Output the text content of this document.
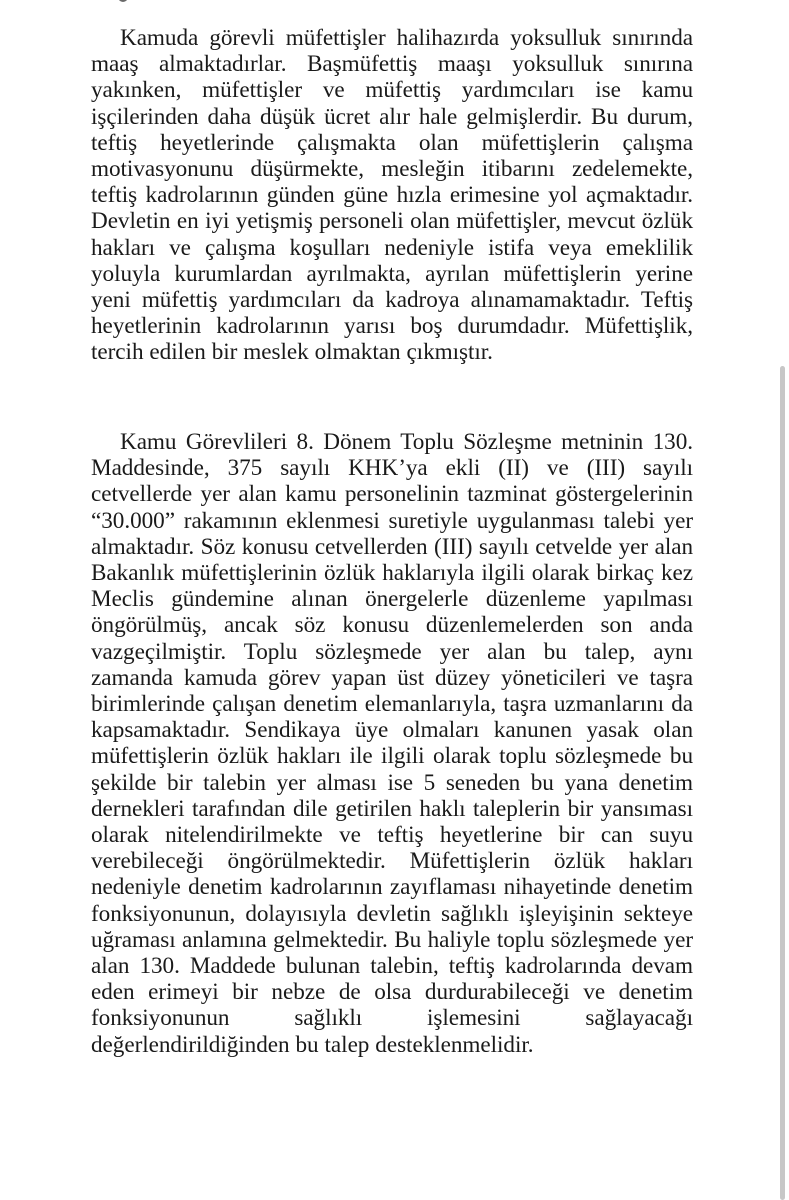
Kamuda görevli müfettişler halihazırda yoksulluk sınırında maaş almaktadırlar. Başmüfettiş maaşı yoksulluk sınırına yakınken, müfettişler ve müfettiş yardımcıları ise kamu işçilerinden daha düşük ücret alır hale gelmişlerdir. Bu durum, teftiş heyetlerinde çalışmakta olan müfettişlerin çalışma motivasyonunu düşürmekte, mesleğin itibarını zedelemekte, teftiş kadrolarının günden güne hızla erimesine yol açmaktadır. Devletin en iyi yetişmiş personeli olan müfettişler, mevcut özlük hakları ve çalışma koşulları nedeniyle istifa veya emeklilik yoluyla kurumlardan ayrılmakta, ayrılan müfettişlerin yerine yeni müfettiş yardımcıları da kadroya alınamamaktadır. Teftiş heyetlerinin kadrolarının yarısı boş durumdadır. Müfettişlik, tercih edilen bir meslek olmaktan çıkmıştır.

Kamu Görevlileri 8. Dönem Toplu Sözleşme metninin 130. Maddesinde, 375 sayılı KHK’ya ekli (II) ve (III) sayılı cetvellerde yer alan kamu personelinin tazminat göstergelerinin “30.000” rakamının eklenmesi suretiyle uygulanması talebi yer almaktadır. Söz konusu cetvellerden (III) sayılı cetvelde yer alan Bakanlık müfettişlerinin özlük haklarıyla ilgili olarak birkaç kez Meclis gündemine alınan önergelerle düzenleme yapılması öngörülmüş, ancak söz konusu düzenlemelerden son anda vazgeçilmiştir. Toplu sözleşmede yer alan bu talep, aynı zamanda kamuda görev yapan üst düzey yöneticileri ve taşra birimlerinde çalışan denetim elemanlarıyla, taşra uzmanlarını da kapsamaktadır. Sendikaya üye olmaları kanunen yasak olan müfettişlerin özlük hakları ile ilgili olarak toplu sözleşmede bu şekilde bir talebin yer alması ise 5 seneden bu yana denetim dernekleri tarafından dile getirilen haklı taleplerin bir yansıması olarak nitelendirilmekte ve teftiş heyetlerine bir can suyu verebileceği öngörülmektedir. Müfettişlerin özlük hakları nedeniyle denetim kadrolarının zayıflaması nihayetinde denetim fonksiyonunun, dolayısıyla devletin sağlıklı işleyişinin sekteye uğraması anlamına gelmektedir. Bu haliyle toplu sözleşmede yer alan 130. Maddede bulunan talebin, teftiş kadrolarında devam eden erimeyi bir nebze de olsa durdurabileceği ve denetim fonksiyonunun sağlıklı işlemesini sağlayacağı değerlendirildiğinden bu talep desteklenmelidir.
